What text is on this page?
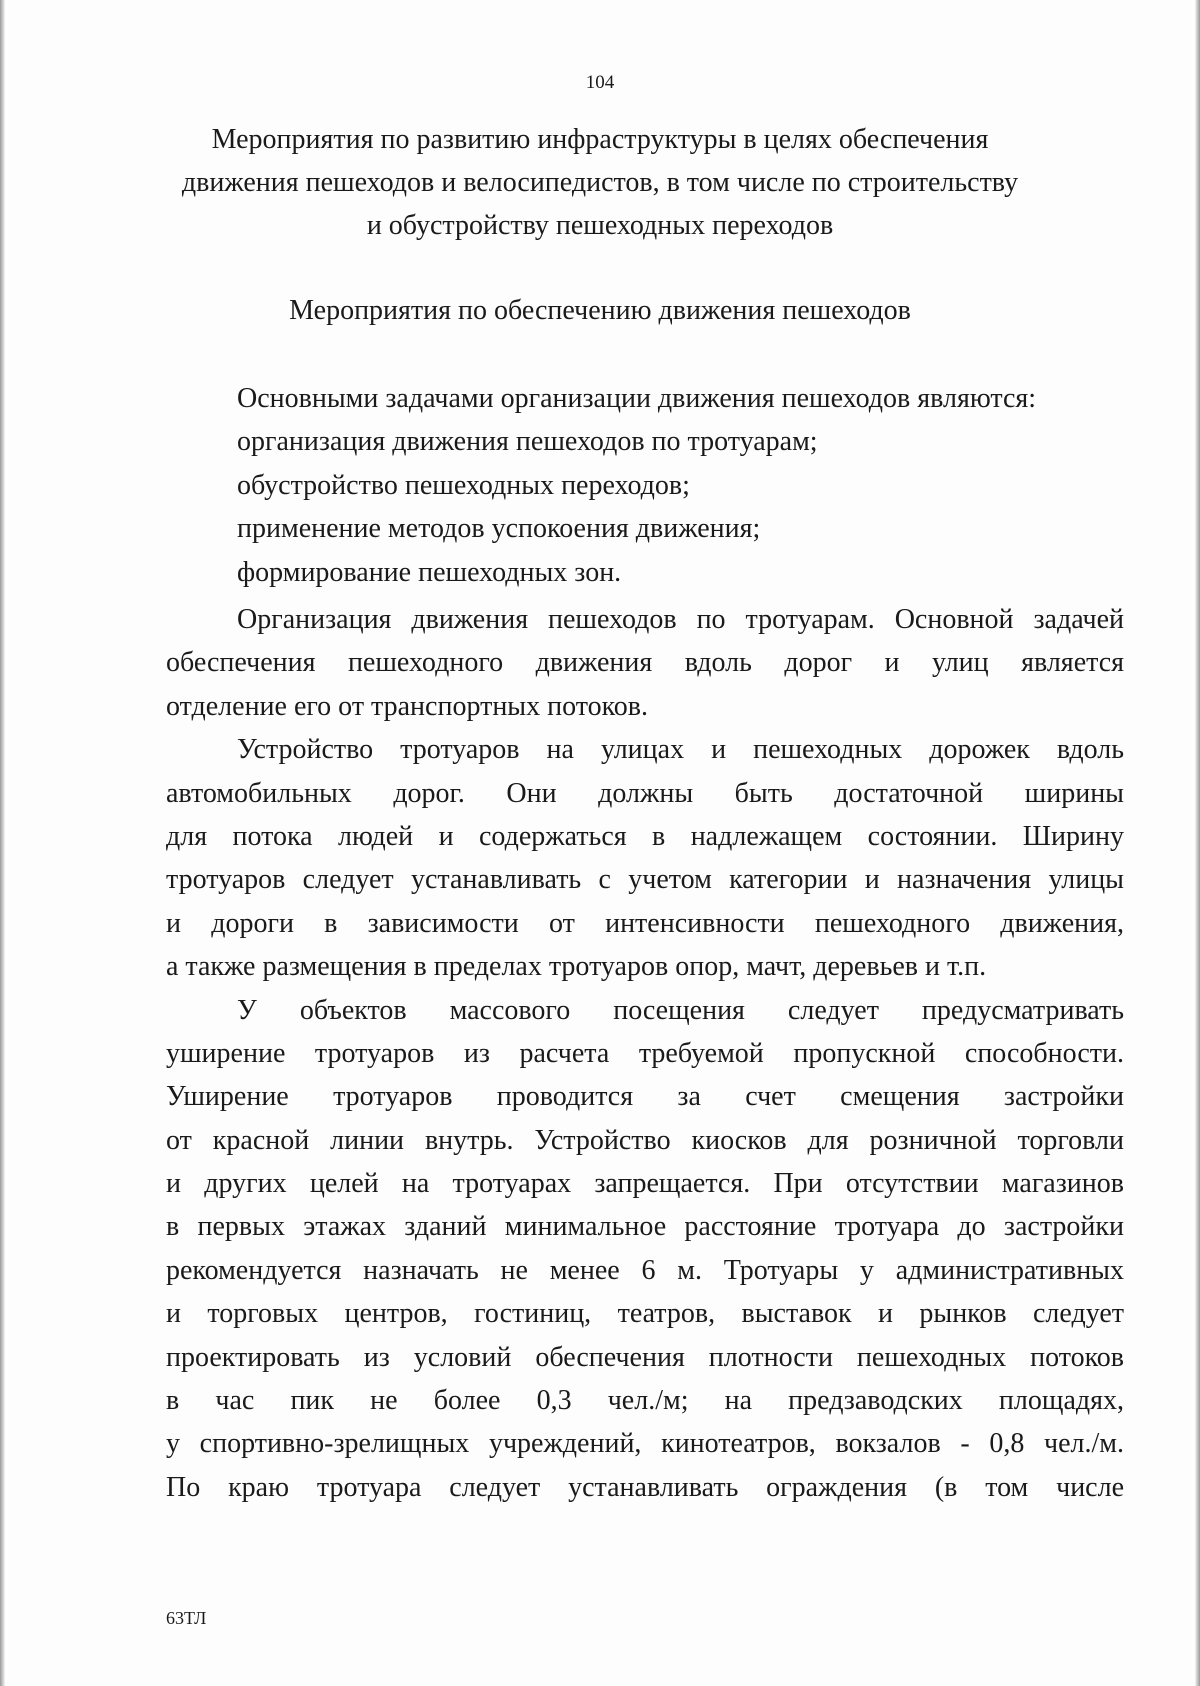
104
Мероприятия по развитию инфраструктуры в целях обеспечения
движения пешеходов и велосипедистов, в том числе по строительству
и обустройству пешеходных переходов
Мероприятия по обеспечению движения пешеходов
Основными задачами организации движения пешеходов являются:
организация движения пешеходов по тротуарам;
обустройство пешеходных переходов;
применение методов успокоения движения;
формирование пешеходных зон.
Организация движения пешеходов по тротуарам. Основной задачей
обеспечения пешеходного движения вдоль дорог и улиц является
отделение его от транспортных потоков.
Устройство тротуаров на улицах и пешеходных дорожек вдоль
автомобильных дорог. Они должны быть достаточной ширины
для потока людей и содержаться в надлежащем состоянии. Ширину
тротуаров следует устанавливать с учетом категории и назначения улицы
и дороги в зависимости от интенсивности пешеходного движения,
а также размещения в пределах тротуаров опор, мачт, деревьев и т.п.
У объектов массового посещения следует предусматривать
уширение тротуаров из расчета требуемой пропускной способности.
Уширение тротуаров проводится за счет смещения застройки
от красной линии внутрь. Устройство киосков для розничной торговли
и других целей на тротуарах запрещается. При отсутствии магазинов
в первых этажах зданий минимальное расстояние тротуара до застройки
рекомендуется назначать не менее 6 м. Тротуары у административных
и торговых центров, гостиниц, театров, выставок и рынков следует
проектировать из условий обеспечения плотности пешеходных потоков
в час пик не более 0,3 чел./м; на предзаводских площадях,
у спортивно-зрелищных учреждений, кинотеатров, вокзалов - 0,8 чел./м.
По краю тротуара следует устанавливать ограждения (в том числе
63ТЛ
